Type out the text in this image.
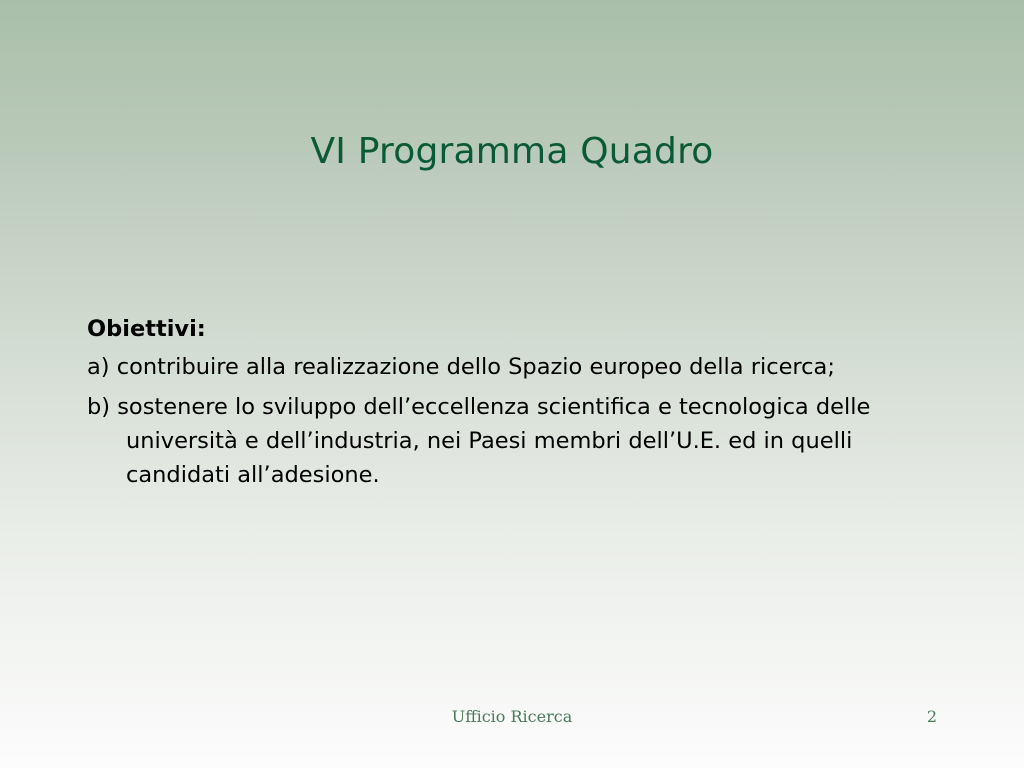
VI Programma Quadro
Obiettivi:
a) contribuire alla realizzazione dello Spazio europeo della ricerca;
b) sostenere lo sviluppo dell’eccellenza scientifica e tecnologica delle università e dell’industria, nei Paesi membri dell’U.E. ed in quelli candidati all’adesione.
Ufficio Ricerca	2
